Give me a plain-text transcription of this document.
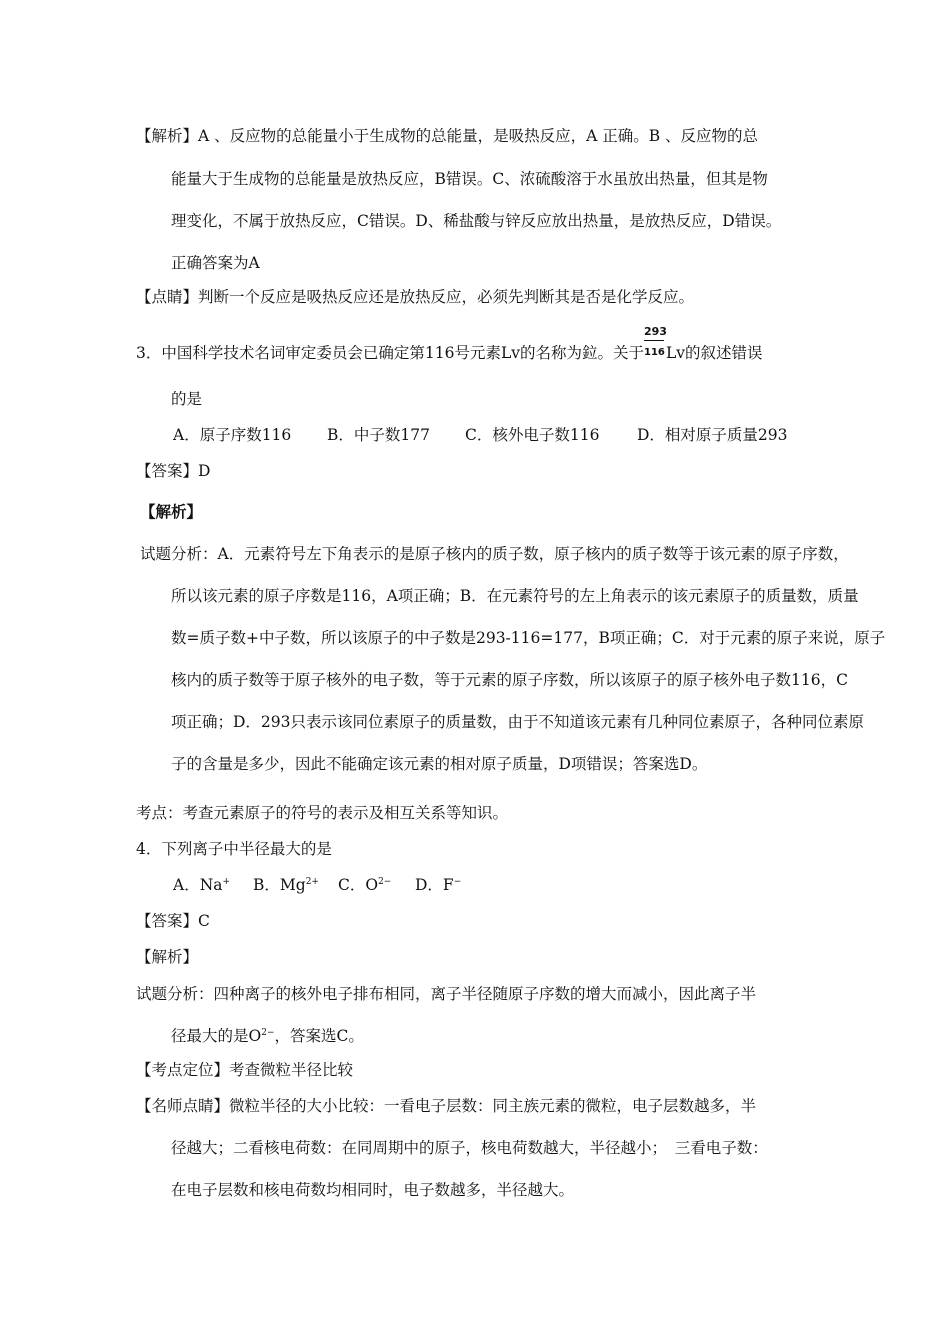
【解析】A 、反应物的总能量小于生成物的总能量，是吸热反应，A 正确。B 、反应物的总
能量大于生成物的总能量是放热反应，B错误。C、浓硫酸溶于水虽放出热量，但其是物
理变化，不属于放热反应，C错误。D、稀盐酸与锌反应放出热量，是放热反应，D错误。
正确答案为A
【点睛】判断一个反应是吸热反应还是放热反应，必须先判断其是否是化学反应。
3．中国科学技术名词审定委员会已确定第116号元素Lv的名称为鉝。关于 $\frac{293}{116}$ Lv的叙述错误
的是
A．原子序数116 B．中子数177 C．核外电子数116 D．相对原子质量293
【答案】D
【解析】
试题分析：A．元素符号左下角表示的是原子核内的质子数，原子核内的质子数等于该元素的原子序数，
所以该元素的原子序数是116，A项正确；B．在元素符号的左上角表示的该元素原子的质量数，质量
数=质子数+中子数，所以该原子的中子数是293-116=177，B项正确；C．对于元素的原子来说，原子
核内的质子数等于原子核外的电子数，等于元素的原子序数，所以该原子的原子核外电子数116，C
项正确；D．293只表示该同位素原子的质量数，由于不知道该元素有几种同位素原子，各种同位素原
子的含量是多少，因此不能确定该元素的相对原子质量，D项错误；答案选D。
考点：考查元素原子的符号的表示及相互关系等知识。
4．下列离子中半径最大的是
A．Na+ B．$Mg^{2+}$ C．$O^{2-}$ D．F−
【答案】C
【解析】
试题分析：四种离子的核外电子排布相同，离子半径随原子序数的增大而减小，因此离子半
径最大的是$O^{2-}$，答案选C。
【考点定位】考查微粒半径比较
【名师点睛】微粒半径的大小比较：一看电子层数：同主族元素的微粒，电子层数越多，半
径越大；二看核电荷数：在同周期中的原子，核电荷数越大，半径越小；　三看电子数：
在电子层数和核电荷数均相同时，电子数越多，半径越大。
